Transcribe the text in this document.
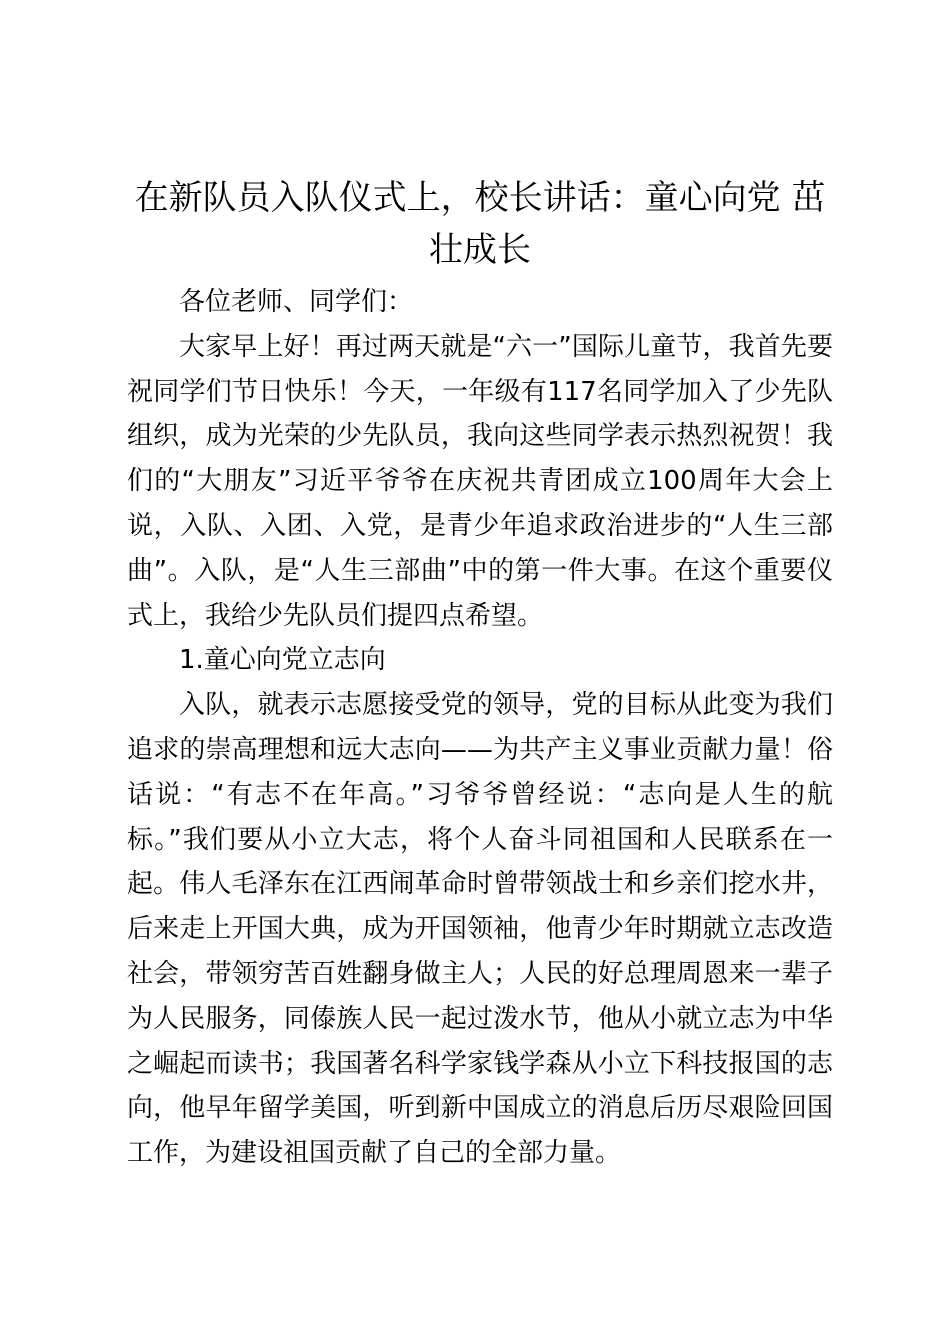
在新队员入队仪式上，校长讲话：童心向党 茁壮成长

各位老师、同学们：

大家早上好！再过两天就是“六一”国际儿童节，我首先要祝同学们节日快乐！今天，一年级有117名同学加入了少先队组织，成为光荣的少先队员，我向这些同学表示热烈祝贺！我们的“大朋友”习近平爷爷在庆祝共青团成立100周年大会上说，入队、入团、入党，是青少年追求政治进步的“人生三部曲”。入队，是“人生三部曲”中的第一件大事。在这个重要仪式上，我给少先队员们提四点希望。

1.童心向党立志向

入队，就表示志愿接受党的领导，党的目标从此变为我们追求的崇高理想和远大志向——为共产主义事业贡献力量！俗话说：“有志不在年高。”习爷爷曾经说：“志向是人生的航标。”我们要从小立大志，将个人奋斗同祖国和人民联系在一起。伟人毛泽东在江西闹革命时曾带领战士和乡亲们挖水井，后来走上开国大典，成为开国领袖，他青少年时期就立志改造社会，带领穷苦百姓翻身做主人；人民的好总理周恩来一辈子为人民服务，同傣族人民一起过泼水节，他从小就立志为中华之崛起而读书；我国著名科学家钱学森从小立下科技报国的志向，他早年留学美国，听到新中国成立的消息后历尽艰险回国工作，为建设祖国贡献了自己的全部力量。
